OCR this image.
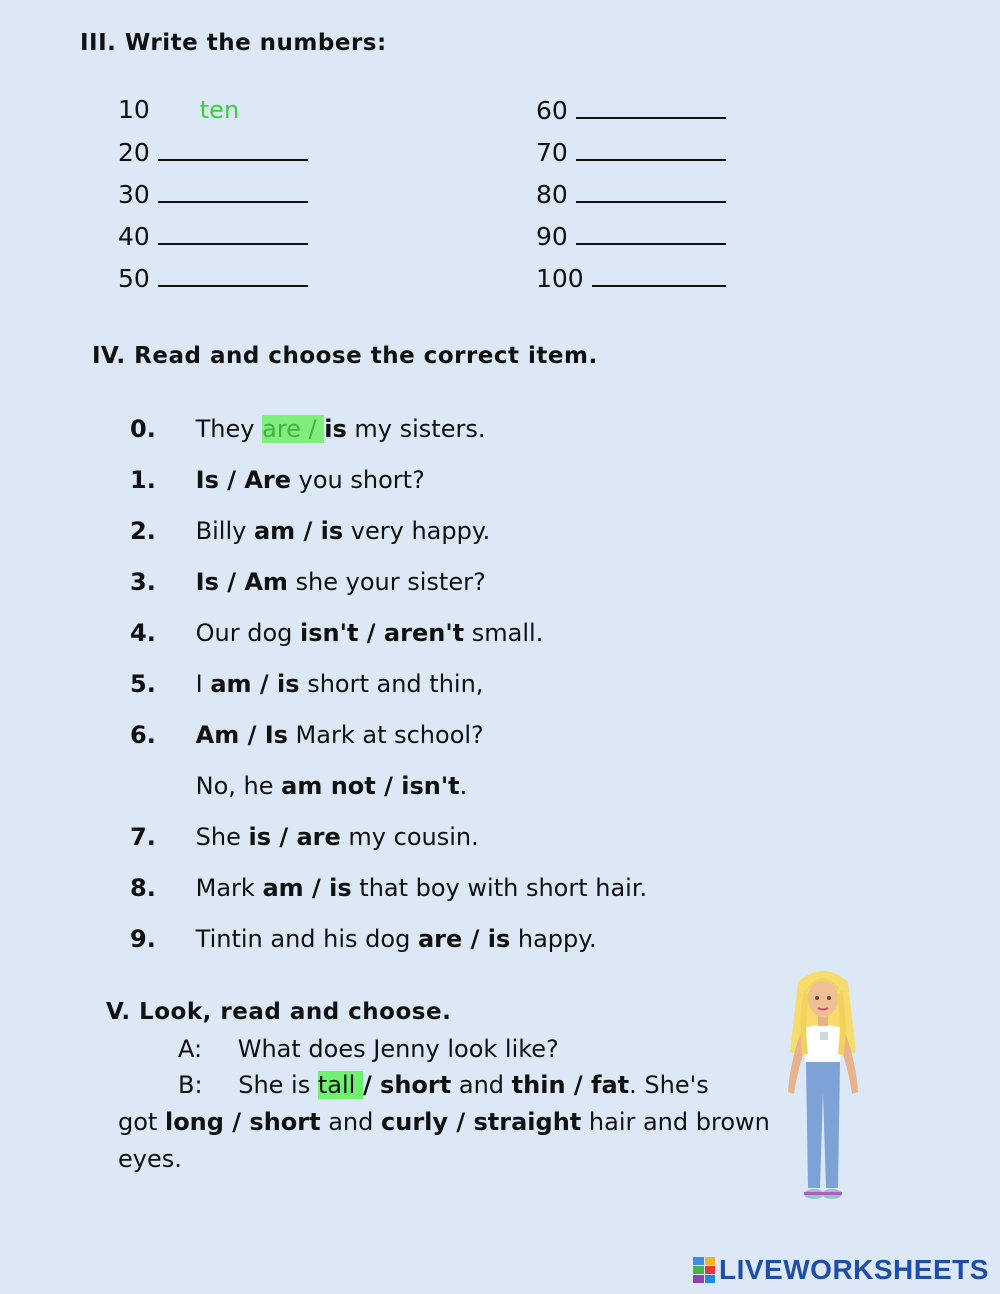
III. Write the numbers:
10 ten
20
30
40
50
60
70
80
90
100
IV. Read and choose the correct item.
0. They are / is my sisters.
1. Is / Are you short?
2. Billy am / is very happy.
3. Is / Am she your sister?
4. Our dog isn't / aren't small.
5. I am / is short and thin,
6. Am / Is Mark at school?
No, he am not / isn't.
7. She is / are my cousin.
8. Mark am / is that boy with short hair.
9. Tintin and his dog are / is happy.
V. Look, read and choose.
A: What does Jenny look like?
B: She is tall / short and thin / fat. She's
got long / short and curly / straight hair and brown
eyes.
LIVEWORKSHEETS
